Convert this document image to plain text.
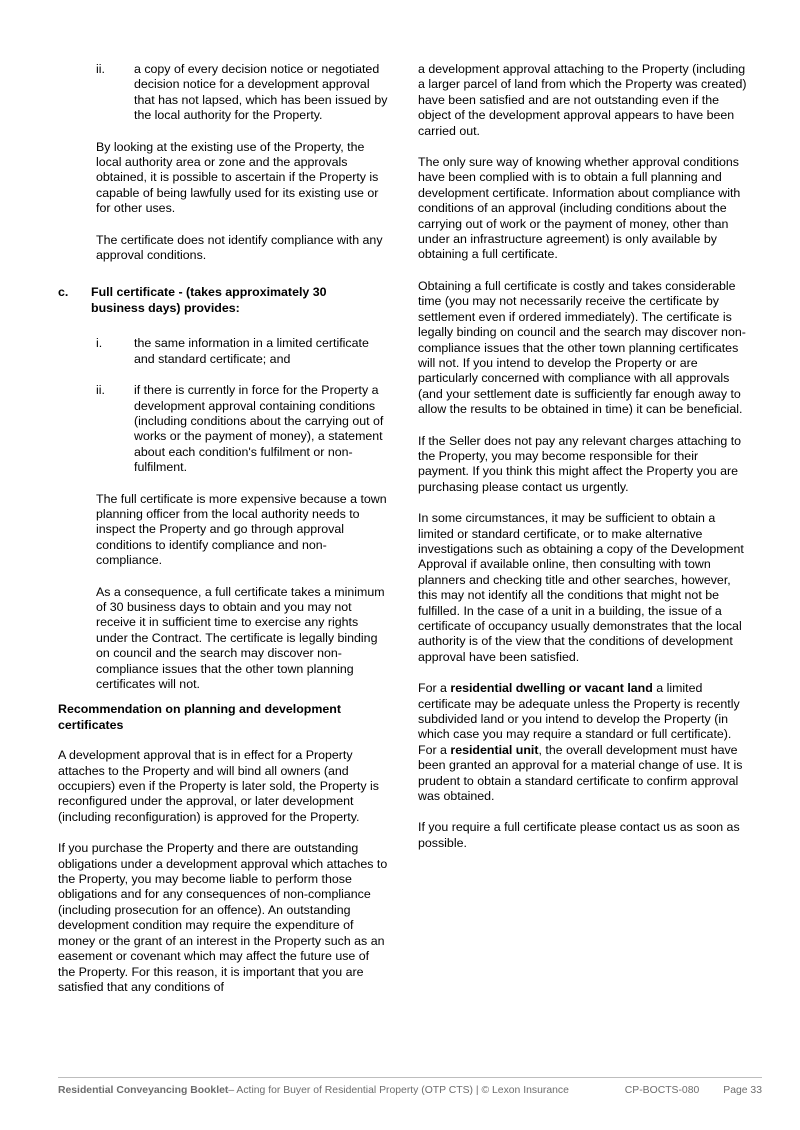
ii.	a copy of every decision notice or negotiated decision notice for a development approval that has not lapsed, which has been issued by the local authority for the Property.

By looking at the existing use of the Property, the local authority area or zone and the approvals obtained, it is possible to ascertain if the Property is capable of being lawfully used for its existing use or for other uses.

The certificate does not identify compliance with any approval conditions.

c.	Full certificate - (takes approximately 30 business days) provides:
i.	the same information in a limited certificate and standard certificate; and
ii.	if there is currently in force for the Property a development approval containing conditions (including conditions about the carrying out of works or the payment of money), a statement about each condition's fulfilment or non-fulfilment.

The full certificate is more expensive because a town planning officer from the local authority needs to inspect the Property and go through approval conditions to identify compliance and non-compliance.

As a consequence, a full certificate takes a minimum of 30 business days to obtain and you may not receive it in sufficient time to exercise any rights under the Contract. The certificate is legally binding on council and the search may discover non-compliance issues that the other town planning certificates will not.

Recommendation on planning and development certificates

A development approval that is in effect for a Property attaches to the Property and will bind all owners (and occupiers) even if the Property is later sold, the Property is reconfigured under the approval, or later development (including reconfiguration) is approved for the Property.

If you purchase the Property and there are outstanding obligations under a development approval which attaches to the Property, you may become liable to perform those obligations and for any consequences of non-compliance (including prosecution for an offence). An outstanding development condition may require the expenditure of money or the grant of an interest in the Property such as an easement or covenant which may affect the future use of the Property. For this reason, it is important that you are satisfied that any conditions of

a development approval attaching to the Property (including a larger parcel of land from which the Property was created) have been satisfied and are not outstanding even if the object of the development approval appears to have been carried out.

The only sure way of knowing whether approval conditions have been complied with is to obtain a full planning and development certificate. Information about compliance with conditions of an approval (including conditions about the carrying out of work or the payment of money, other than under an infrastructure agreement) is only available by obtaining a full certificate.

Obtaining a full certificate is costly and takes considerable time (you may not necessarily receive the certificate by settlement even if ordered immediately). The certificate is legally binding on council and the search may discover non-compliance issues that the other town planning certificates will not. If you intend to develop the Property or are particularly concerned with compliance with all approvals (and your settlement date is sufficiently far enough away to allow the results to be obtained in time) it can be beneficial.

If the Seller does not pay any relevant charges attaching to the Property, you may become responsible for their payment. If you think this might affect the Property you are purchasing please contact us urgently.

In some circumstances, it may be sufficient to obtain a limited or standard certificate, or to make alternative investigations such as obtaining a copy of the Development Approval if available online, then consulting with town planners and checking title and other searches, however, this may not identify all the conditions that might not be fulfilled. In the case of a unit in a building, the issue of a certificate of occupancy usually demonstrates that the local authority is of the view that the conditions of development approval have been satisfied.

For a residential dwelling or vacant land a limited certificate may be adequate unless the Property is recently subdivided land or you intend to develop the Property (in which case you may require a standard or full certificate). For a residential unit, the overall development must have been granted an approval for a material change of use. It is prudent to obtain a standard certificate to confirm approval was obtained.

If you require a full certificate please contact us as soon as possible.

Residential Conveyancing Booklet – Acting for Buyer of Residential Property (OTP CTS) | © Lexon Insurance	CP-BOCTS-080 Page 33
